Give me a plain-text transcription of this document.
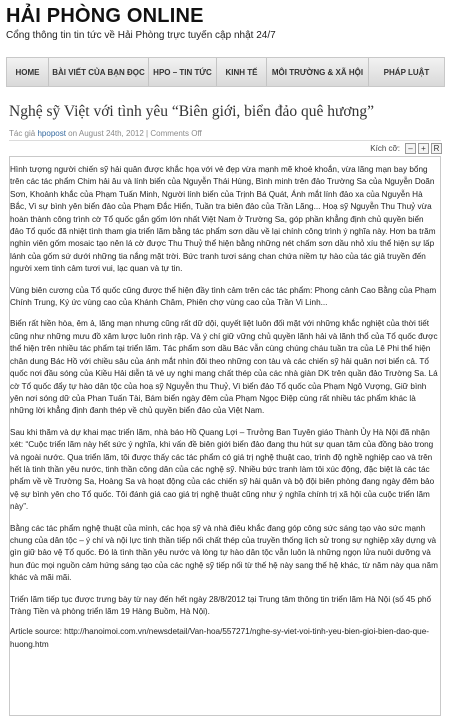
HẢI PHÒNG ONLINE
Cổng thông tin tin tức về Hải Phòng trực tuyến cập nhật 24/7
HOME	BÀI VIẾT CỦA BẠN ĐỌC	HPO – TIN TỨC	KINH TẾ	MÔI TRƯỜNG & XÃ HỘI	PHÁP LUẬT
Nghệ sỹ Việt với tình yêu “Biên giới, biển đảo quê hương”
Tác giả hpopost on August 24th, 2012 | Comments Off
Kích cỡ:	–	+ R

Hình tượng người chiến sỹ hải quân được khắc họa với vẻ đẹp vừa mạnh mẽ khoẻ khoắn, vừa lãng mạn bay bổng trên các tác phẩm Chim hải âu và lính biển của Nguyễn Thái Hùng, Bình minh trên đảo Trường Sa của Nguyễn Doãn Sơn, Khoảnh khắc của Phạm Tuấn Minh, Người lính biển của Trịnh Bá Quát, Ánh mắt lính đảo xa của Nguyễn Hà Bắc, Vì sự bình yên biển đảo của Phạm Đắc Hiển, Tuần tra biên đảo của Trần Lãng... Hoạ sỹ Nguyễn Thu Thuỷ vừa hoàn thành công trình cờ Tổ quốc gắn gốm lớn nhất Việt Nam ở Trường Sa, góp phần khẳng định chủ quyền biển đảo Tổ quốc đã nhiệt tình tham gia triển lãm bằng tác phẩm sơn dầu về lại chính công trình ý nghĩa này. Hơn ba trăm nghìn viên gốm mosaic tạo nên lá cờ được Thu Thuỷ thể hiện bằng những nét chấm sơn dầu nhỏ xíu thể hiện sự lấp lánh của gốm sứ dưới những tia nắng mặt trời. Bức tranh tươi sáng chan chứa niềm tự hào của tác giả truyền đến người xem tinh cảm tươi vui, lạc quan và tự tin.

Vùng biên cương của Tổ quốc cũng được thể hiện đầy tình cảm trên các tác phẩm: Phong cảnh Cao Bằng của Phạm Chính Trung, Ký ức vùng cao của Khánh Châm, Phiên chợ vùng cao của Trần Vi Linh...

Biển rất hiền hòa, êm ả, lãng mạn nhưng cũng rất dữ dội, quyết liệt luôn đối mặt với những khắc nghiệt của thời tiết cũng như những mưu đồ xâm lược luôn rình rập. Và ý chí giữ vững chủ quyền lãnh hải và lãnh thổ của Tổ quốc được thể hiện trên nhiều tác phẩm tại triển lãm. Tác phẩm sơn dầu Bác vẫn cùng chúng cháu tuần tra của Lê Phi thể hiện chân dung Bác Hồ với chiều sâu của ánh mắt nhìn đôi theo những con tàu và các chiến sỹ hải quân nơi biển cả. Tổ quốc nơi đầu sóng của Kiều Hải diễn tả vẻ uy nghi mang chất thép của các nhà giàn DK trên quần đảo Trường Sa. Lá cờ Tổ quốc đẩy tự hào dân tộc của hoạ sỹ Nguyễn thu Thuỷ, Vì biển đảo Tổ quốc của Phạm Ngô Vượng, Giữ bình yên nơi sóng dữ của Phan Tuấn Tài, Bám biển ngày đêm của Phạm Ngọc Điệp cùng rất nhiều tác phẩm khác là những lời khẳng định đanh thép về chủ quyền biển đảo của Việt Nam.

Sau khi thăm và dự khai mạc triển lãm, nhà báo Hồ Quang Lợi – Trưởng Ban Tuyên giáo Thành Ủy Hà Nội đã nhận xét: “Cuộc triển lãm này hết sức ý nghĩa, khi vấn đề biên giới biển đảo đang thu hút sự quan tâm của đồng bào trong và ngoài nước. Qua triển lãm, tôi được thấy các tác phẩm có giá trị nghệ thuật cao, trình độ nghề nghiệp cao và trên hết là tinh thần yêu nước, tinh thần công dân của các nghệ sỹ. Nhiều bức tranh làm tôi xúc động, đặc biệt là các tác phẩm về về Trường Sa, Hoàng Sa và hoạt động của các chiến sỹ hải quân và bộ đội biên phòng đang ngày đêm bảo vệ sự bình yên cho Tổ quốc. Tôi đánh giá cao giá trị nghệ thuật cũng như ý nghĩa chính trị xã hội của cuộc triển lãm này”.

Bằng các tác phẩm nghệ thuật của mình, các họa sỹ và nhà điêu khắc đang góp công sức sáng tạo vào sức mạnh chung của dân tộc – ý chí và nội lực tinh thần tiếp nối chất thép của truyền thống lịch sử trong sự nghiệp xây dựng và gìn giữ bảo vệ Tổ quốc. Đó là tình thần yêu nước và lòng tự hào dân tộc vẫn luôn là những ngọn lửa nuôi dưỡng và hun đúc mọi nguồn cảm hứng sáng tạo của các nghệ sỹ tiếp nối từ thế hệ này sang thế hệ khác, từ năm này qua năm khác và mãi mãi.

Triển lãm tiếp tục được trưng bày từ nay đến hết ngày 28/8/2012 tại Trung tâm thông tin triển lãm Hà Nội (số 45 phố Tràng Tiền và phòng triển lãm 19 Hàng Buồm, Hà Nội).

Article source: http://hanoimoi.com.vn/newsdetail/Van-hoa/557271/nghe-sy-viet-voi-tinh-yeu-bien-gioi-bien-dao-que-huong.htm
